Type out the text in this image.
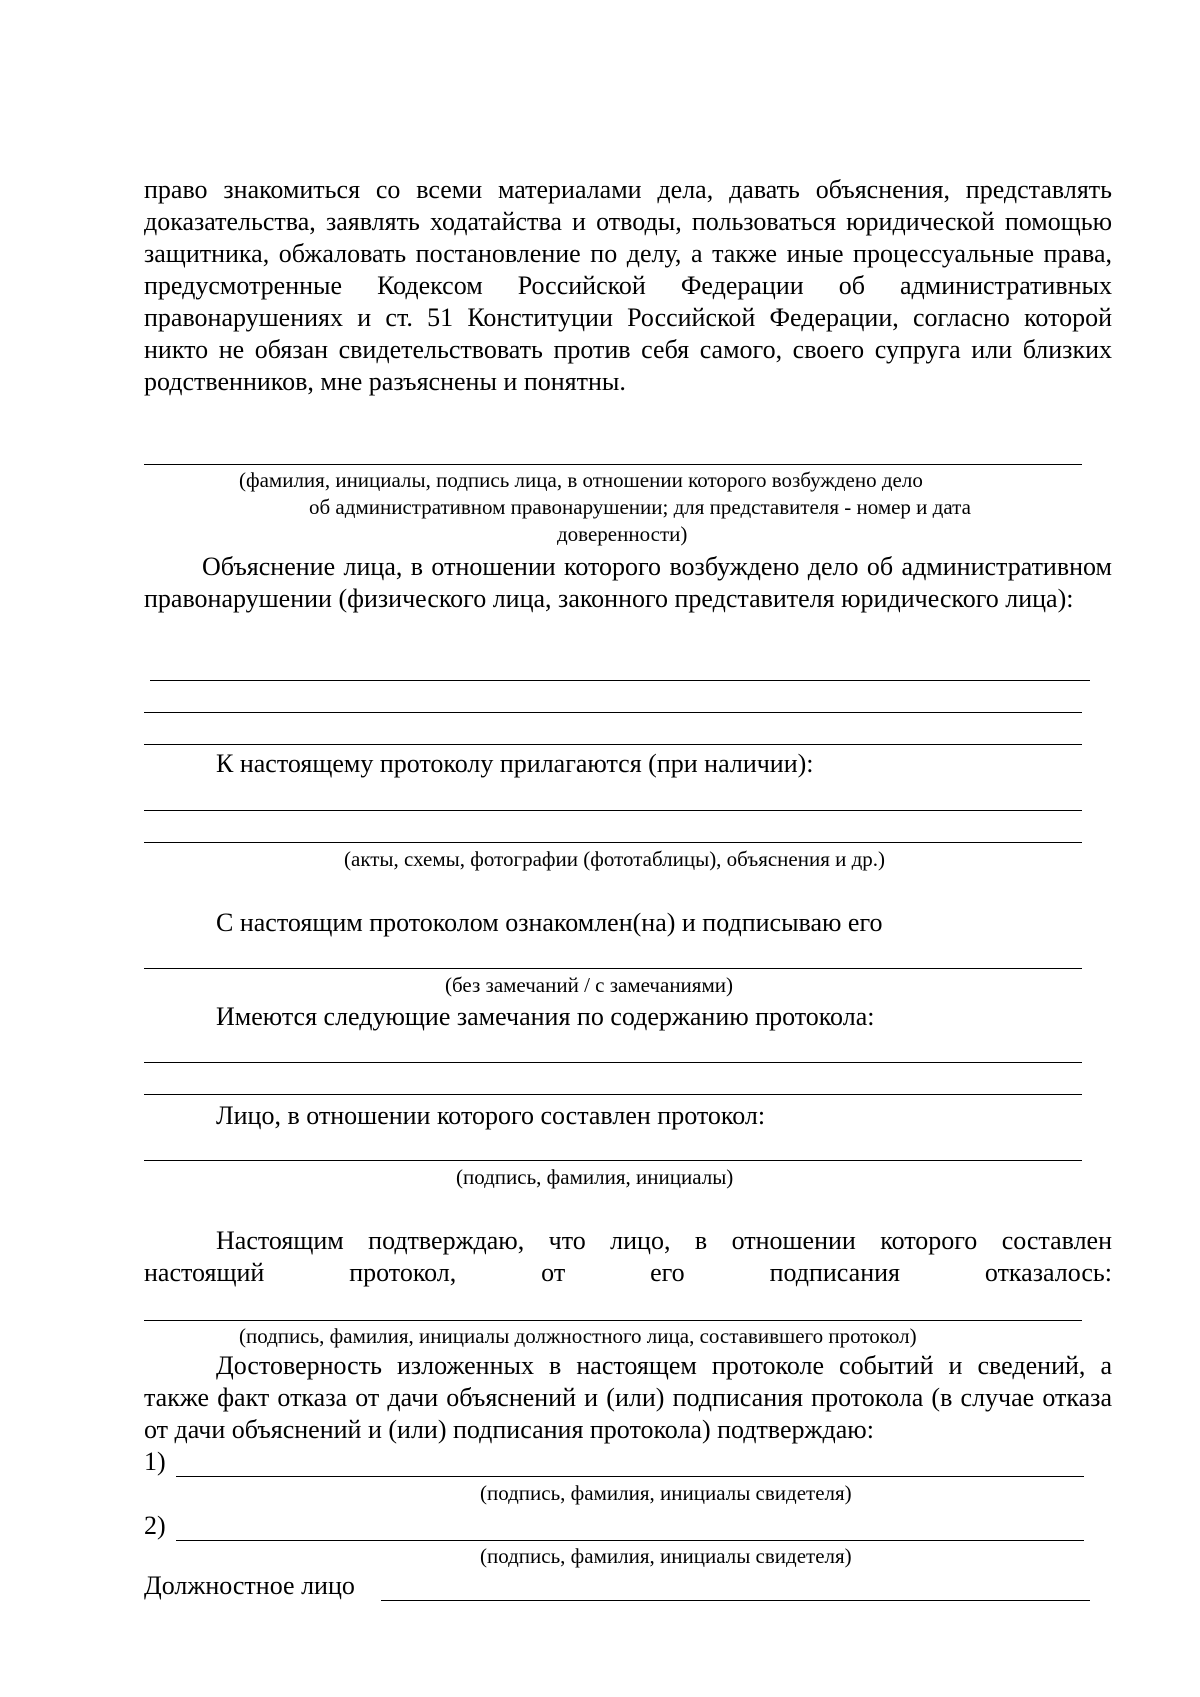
право знакомиться со всеми материалами дела, давать объяснения, представлять доказательства, заявлять ходатайства и отводы, пользоваться юридической помощью защитника, обжаловать постановление по делу, а также иные процессуальные права, предусмотренные Кодексом Российской Федерации об административных правонарушениях и ст. 51 Конституции Российской Федерации, согласно которой никто не обязан свидетельствовать против себя самого, своего супруга или близких родственников, мне разъяснены и понятны.
(фамилия, инициалы, подпись лица, в отношении которого возбуждено дело
об административном правонарушении; для представителя - номер и дата
доверенности)
Объяснение лица, в отношении которого возбуждено дело об административном правонарушении (физического лица, законного представителя юридического лица):
К настоящему протоколу прилагаются (при наличии):
(акты, схемы, фотографии (фототаблицы), объяснения и др.)
С настоящим протоколом ознакомлен(на) и подписываю его
(без замечаний / с замечаниями)
Имеются следующие замечания по содержанию протокола:
Лицо, в отношении которого составлен протокол:
(подпись, фамилия, инициалы)
Настоящим подтверждаю, что лицо, в отношении которого составлен настоящий протокол, от его подписания отказалось:
(подпись, фамилия, инициалы должностного лица, составившего протокол)
Достоверность изложенных в настоящем протоколе событий и сведений, а также факт отказа от дачи объяснений и (или) подписания протокола (в случае отказа от дачи объяснений и (или) подписания протокола) подтверждаю:
1)
(подпись, фамилия, инициалы свидетеля)
2)
(подпись, фамилия, инициалы свидетеля)
Должностное лицо
